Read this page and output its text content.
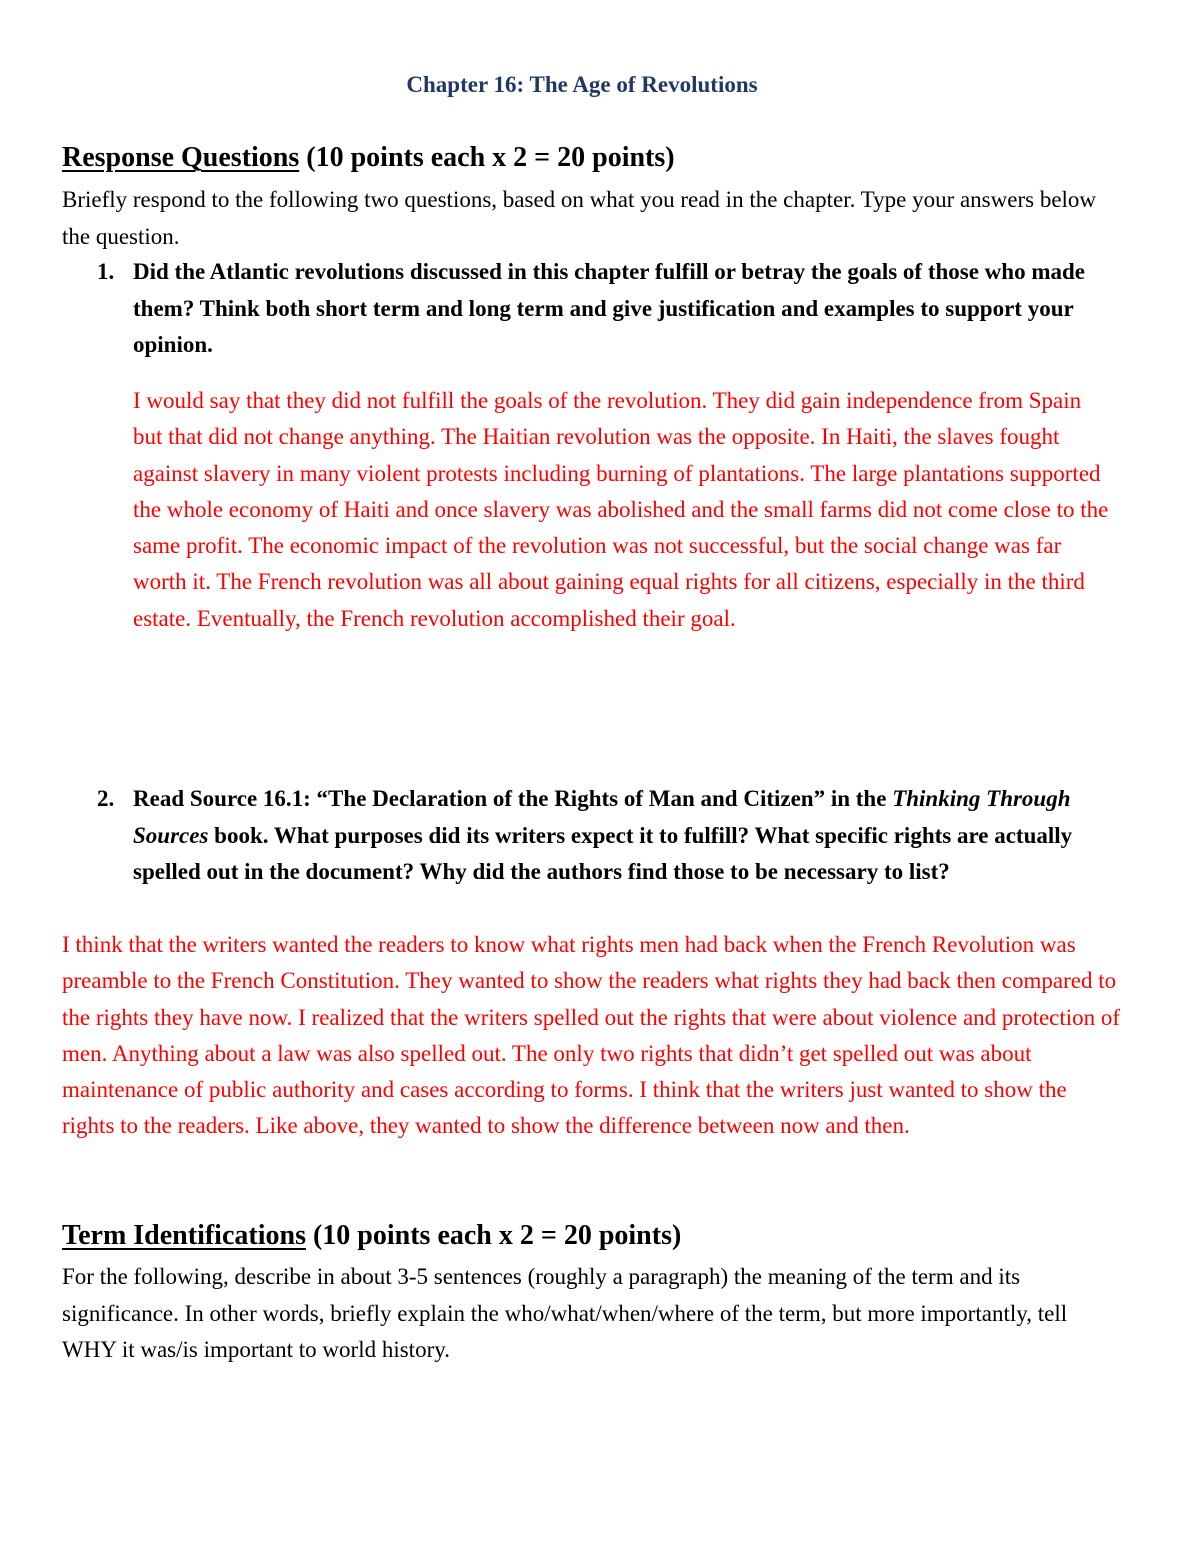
Chapter 16: The Age of Revolutions
Response Questions (10 points each x 2 = 20 points)
Briefly respond to the following two questions, based on what you read in the chapter. Type your answers below the question.
1. Did the Atlantic revolutions discussed in this chapter fulfill or betray the goals of those who made them? Think both short term and long term and give justification and examples to support your opinion.
I would say that they did not fulfill the goals of the revolution. They did gain independence from Spain but that did not change anything. The Haitian revolution was the opposite. In Haiti, the slaves fought against slavery in many violent protests including burning of plantations. The large plantations supported the whole economy of Haiti and once slavery was abolished and the small farms did not come close to the same profit. The economic impact of the revolution was not successful, but the social change was far worth it. The French revolution was all about gaining equal rights for all citizens, especially in the third estate. Eventually, the French revolution accomplished their goal.
2. Read Source 16.1: “The Declaration of the Rights of Man and Citizen” in the Thinking Through Sources book. What purposes did its writers expect it to fulfill? What specific rights are actually spelled out in the document? Why did the authors find those to be necessary to list?
I think that the writers wanted the readers to know what rights men had back when the French Revolution was preamble to the French Constitution. They wanted to show the readers what rights they had back then compared to the rights they have now. I realized that the writers spelled out the rights that were about violence and protection of men. Anything about a law was also spelled out. The only two rights that didn’t get spelled out was about maintenance of public authority and cases according to forms. I think that the writers just wanted to show the rights to the readers. Like above, they wanted to show the difference between now and then.
Term Identifications (10 points each x 2 = 20 points)
For the following, describe in about 3-5 sentences (roughly a paragraph) the meaning of the term and its significance. In other words, briefly explain the who/what/when/where of the term, but more importantly, tell WHY it was/is important to world history.
